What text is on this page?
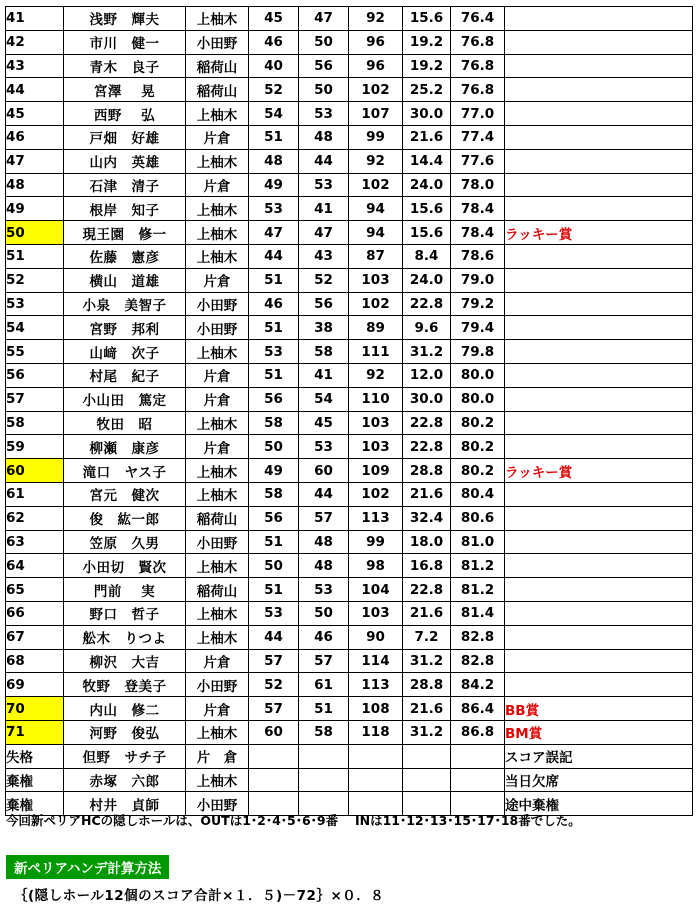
41	浅野　輝夫	上柚木	45	47	92	15.6	76.4	
42	市川　健一	小田野	46	50	96	19.2	76.8	
43	青木　良子	稲荷山	40	56	96	19.2	76.8	
44	宮澤　 晃	稲荷山	52	50	102	25.2	76.8	
45	西野　 弘	上柚木	54	53	107	30.0	77.0	
46	戸畑　好雄	片倉	51	48	99	21.6	77.4	
47	山内　英雄	上柚木	48	44	92	14.4	77.6	
48	石津　清子	片倉	49	53	102	24.0	78.0	
49	根岸　知子	上柚木	53	41	94	15.6	78.4	
50	現王園　修一	上柚木	47	47	94	15.6	78.4	ラッキー賞
51	佐藤　憲彦	上柚木	44	43	87	8.4	78.6	
52	横山　道雄	片倉	51	52	103	24.0	79.0	
53	小泉　美智子	小田野	46	56	102	22.8	79.2	
54	宮野　邦利	小田野	51	38	89	9.6	79.4	
55	山﨑　次子	上柚木	53	58	111	31.2	79.8	
56	村尾　紀子	片倉	51	41	92	12.0	80.0	
57	小山田　篤定	片倉	56	54	110	30.0	80.0	
58	牧田　昭	上柚木	58	45	103	22.8	80.2	
59	柳瀬　康彦	片倉	50	53	103	22.8	80.2	
60	滝口　ヤス子	上柚木	49	60	109	28.8	80.2	ラッキー賞
61	宮元　健次	上柚木	58	44	102	21.6	80.4	
62	俊　紘一郎	稲荷山	56	57	113	32.4	80.6	
63	笠原　久男	小田野	51	48	99	18.0	81.0	
64	小田切　賢次	上柚木	50	48	98	16.8	81.2	
65	門前　 実	稲荷山	51	53	104	22.8	81.2	
66	野口　哲子	上柚木	53	50	103	21.6	81.4	
67	舩木　りつよ	上柚木	44	46	90	7.2	82.8	
68	柳沢　大吉	片倉	57	57	114	31.2	82.8	
69	牧野　登美子	小田野	52	61	113	28.8	84.2	
70	内山　修二	片倉	57	51	108	21.6	86.4	BB賞
71	河野　俊弘	上柚木	60	58	118	31.2	86.8	BM賞
失格	但野　サチ子	片　倉						スコア誤記
棄権	赤塚　六郎	上柚木						当日欠席
棄権	村井　貞師	小田野						途中棄権
今回新ペリアHCの隠しホールは、OUTは1･2･4･5･6･9番　 INは11･12･13･15･17･18番でした。
新ペリアハンデ計算方法
｛(隠しホール12個のスコア合計×１．５)－72｝×０．８
